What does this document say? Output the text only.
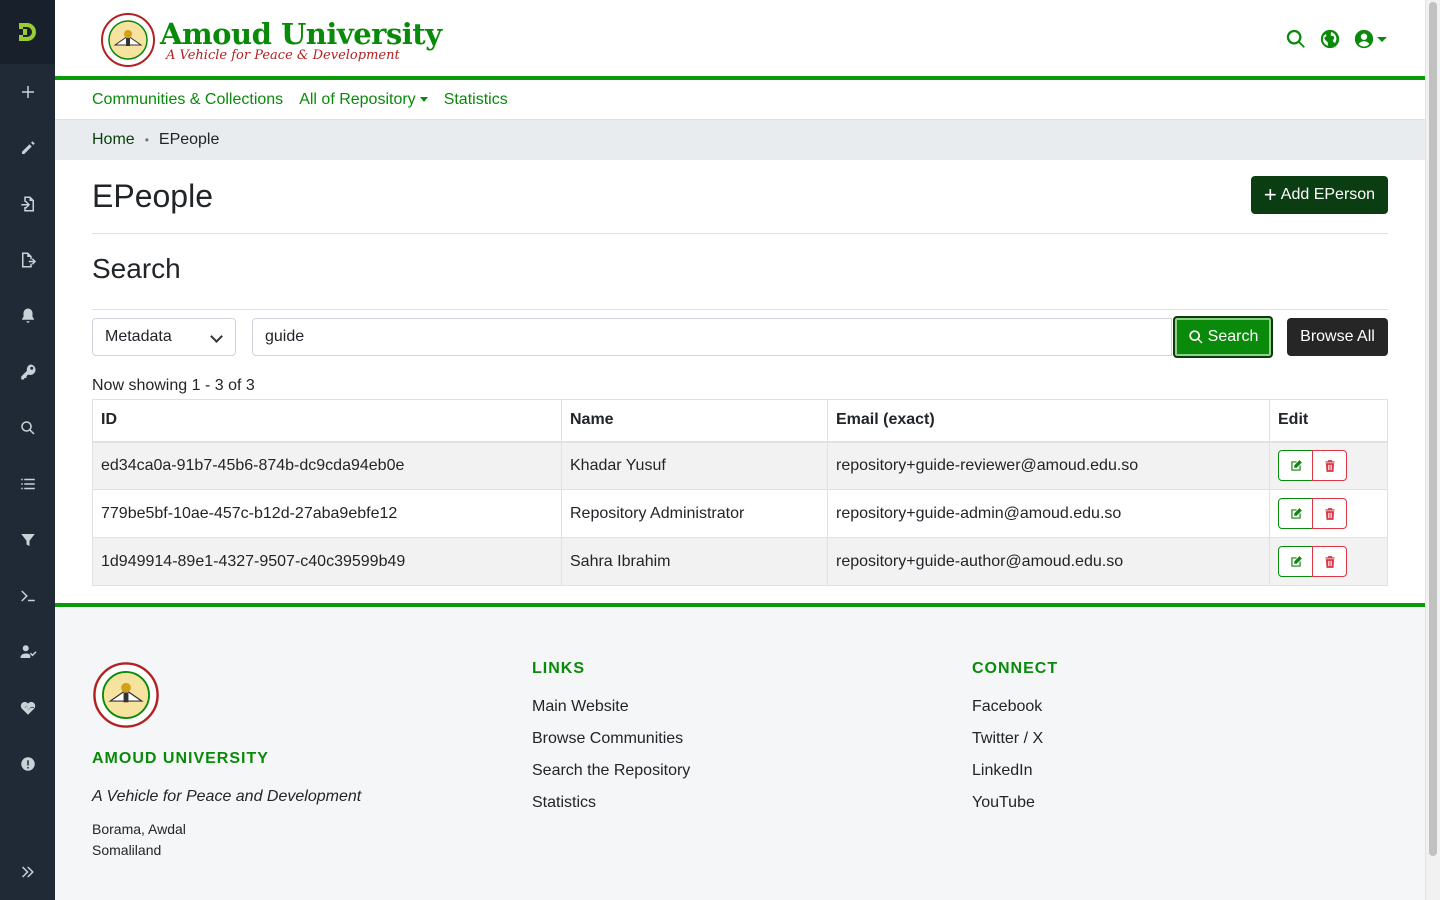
Amoud University
A Vehicle for Peace & Development
Communities & Collections All of Repository Statistics
Home • EPeople
EPeople	+ Add EPerson
Search
Metadata
guide	Search	Browse All
Now showing 1 - 3 of 3
ID	Name	Email (exact)	Edit
ed34ca0a-91b7-45b6-874b-dc9cda94eb0e	Khadar Yusuf	repository+guide-reviewer@amoud.edu.so	

779be5bf-10ae-457c-b12d-27aba9ebfe12	Repository Administrator	repository+guide-admin@amoud.edu.so	

1d949914-89e1-4327-9507-c40c39599b49	Sahra Ibrahim	repository+guide-author@amoud.edu.so	
AMOUD UNIVERSITY
A Vehicle for Peace and Development
Borama, Awdal
Somaliland
LINKS
Main Website
Browse Communities
Search the Repository
Statistics
CONNECT
Facebook
Twitter / X
LinkedIn
YouTube
